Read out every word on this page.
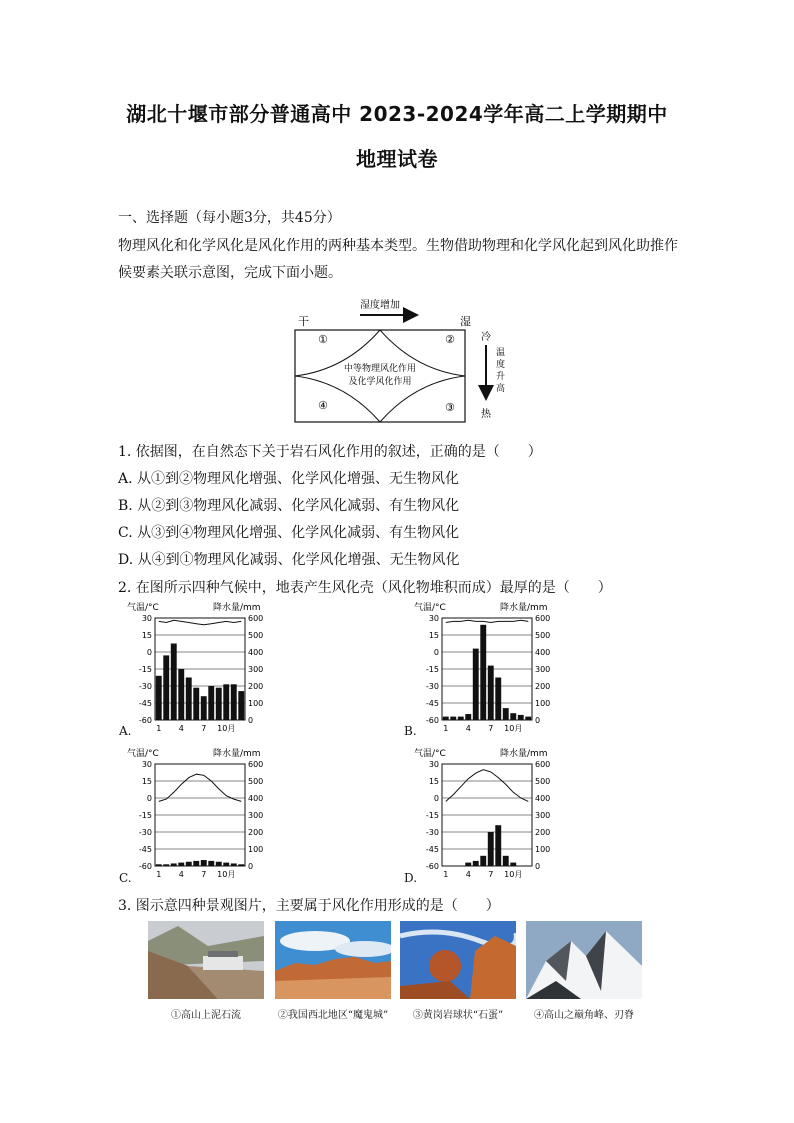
湖北十堰市部分普通高中 2023-2024学年高二上学期期中
地理试卷
一、选择题（每小题3分，共45分）
物理风化和化学风化是风化作用的两种基本类型。生物借助物理和化学风化起到风化助推作
候要素关联示意图，完成下面小题。
干	湿
湿度增加
中等物理风化作用
及化学风化作用
①	②
③
④
冷
热
温
度
升
高
1. 依据图，在自然态下关于岩石风化作用的叙述，正确的是（　　）
A. 从①到②物理风化增强、化学风化增强、无生物风化
B. 从②到③物理风化减弱、化学风化减弱、有生物风化
C. 从③到④物理风化增强、化学风化减弱、有生物风化
D. 从④到①物理风化减弱、化学风化增强、无生物风化
2. 在图所示四种气候中，地表产生风化壳（风化物堆积而成）最厚的是（　　）
气温/°C	降水量/mm
30	600
15	500
0	400
-15	300
-30	200
-45	100
-60	0
1 4 7 10月
气温/°C	降水量/mm
30	600
15	500
0	400
-15	300
-30	200
-45	100
-60	0
1 4 7 10月
气温/°C	降水量/mm
30	600
15	500
0	400
-15	300
-30	200
-45	100
-60	0
1 4 7 10月
气温/°C	降水量/mm
30	600
15	500
0	400
-15	300
-30	200
-45	100
-60	0
1 4 7 10月
A.	B.
C.	D.
3. 图示意四种景观图片，主要属于风化作用形成的是（　　）
①高山上泥石流	②我国西北地区“魔鬼城”	③黄岗岩球状“石蛋”	④高山之巅角峰、刃脊
